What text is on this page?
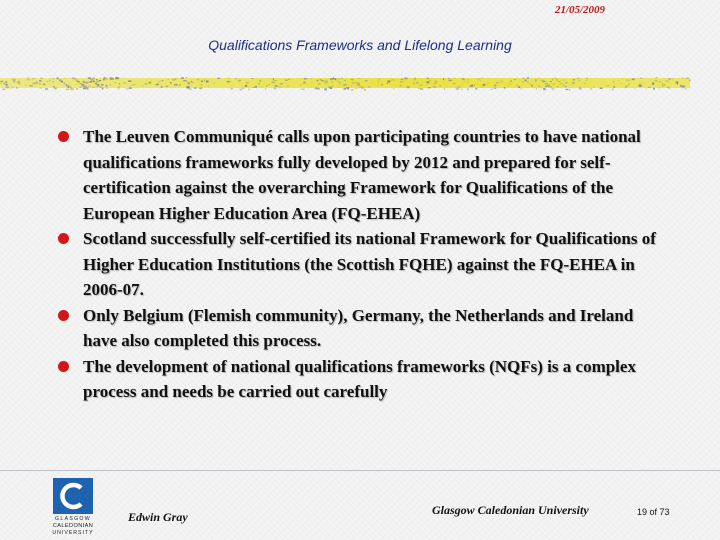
21/05/2009
Qualifications Frameworks and Lifelong Learning
The Leuven Communiqué calls upon participating countries to have national qualifications frameworks fully developed by 2012 and prepared for self-certification against the overarching Framework for Qualifications of the European Higher Education Area (FQ-EHEA)
Scotland successfully self-certified its national Framework for Qualifications of Higher Education Institutions (the Scottish FQHE) against the FQ-EHEA in 2006-07.
Only Belgium (Flemish community), Germany, the Netherlands and Ireland have also completed this process.
The development of national qualifications frameworks (NQFs) is a complex process and needs be carried out carefully
GLASGOW
CALEDONIAN
UNIVERSITY
Edwin Gray	Glasgow Caledonian University	19 of 73
